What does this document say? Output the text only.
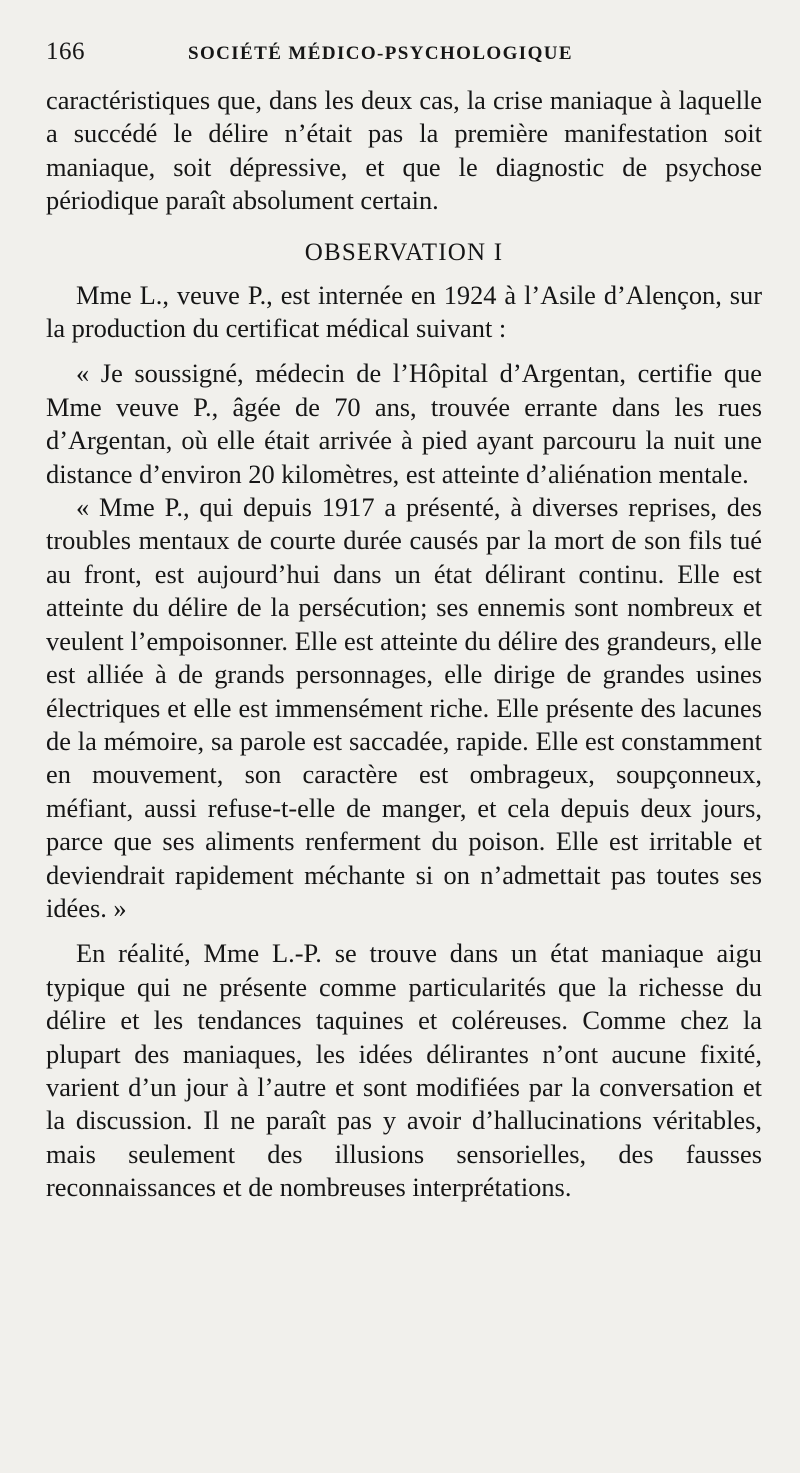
166	SOCIÉTÉ MÉDICO-PSYCHOLOGIQUE

caractéristiques que, dans les deux cas, la crise maniaque à laquelle a succédé le délire n’était pas la première manifestation soit maniaque, soit dépressive, et que le diagnostic de psychose périodique paraît absolument certain.

OBSERVATION I

Mme L., veuve P., est internée en 1924 à l’Asile d’Alençon, sur la production du certificat médical suivant :

« Je soussigné, médecin de l’Hôpital d’Argentan, certifie que Mme veuve P., âgée de 70 ans, trouvée errante dans les rues d’Argentan, où elle était arrivée à pied ayant parcouru la nuit une distance d’environ 20 kilomètres, est atteinte d’aliénation mentale.

« Mme P., qui depuis 1917 a présenté, à diverses reprises, des troubles mentaux de courte durée causés par la mort de son fils tué au front, est aujourd’hui dans un état délirant continu. Elle est atteinte du délire de la persécution; ses ennemis sont nombreux et veulent l’empoisonner. Elle est atteinte du délire des grandeurs, elle est alliée à de grands personnages, elle dirige de grandes usines électriques et elle est immensément riche. Elle présente des lacunes de la mémoire, sa parole est saccadée, rapide. Elle est constamment en mouvement, son caractère est ombrageux, soupçonneux, méfiant, aussi refuse-t-elle de manger, et cela depuis deux jours, parce que ses aliments renferment du poison. Elle est irritable et deviendrait rapidement méchante si on n’admettait pas toutes ses idées. »

En réalité, Mme L.-P. se trouve dans un état maniaque aigu typique qui ne présente comme particularités que la richesse du délire et les tendances taquines et coléreuses. Comme chez la plupart des maniaques, les idées délirantes n’ont aucune fixité, varient d’un jour à l’autre et sont modifiées par la conversation et la discussion. Il ne paraît pas y avoir d’hallucinations véritables, mais seulement des illusions sensorielles, des fausses reconnaissances et de nombreuses interprétations.
